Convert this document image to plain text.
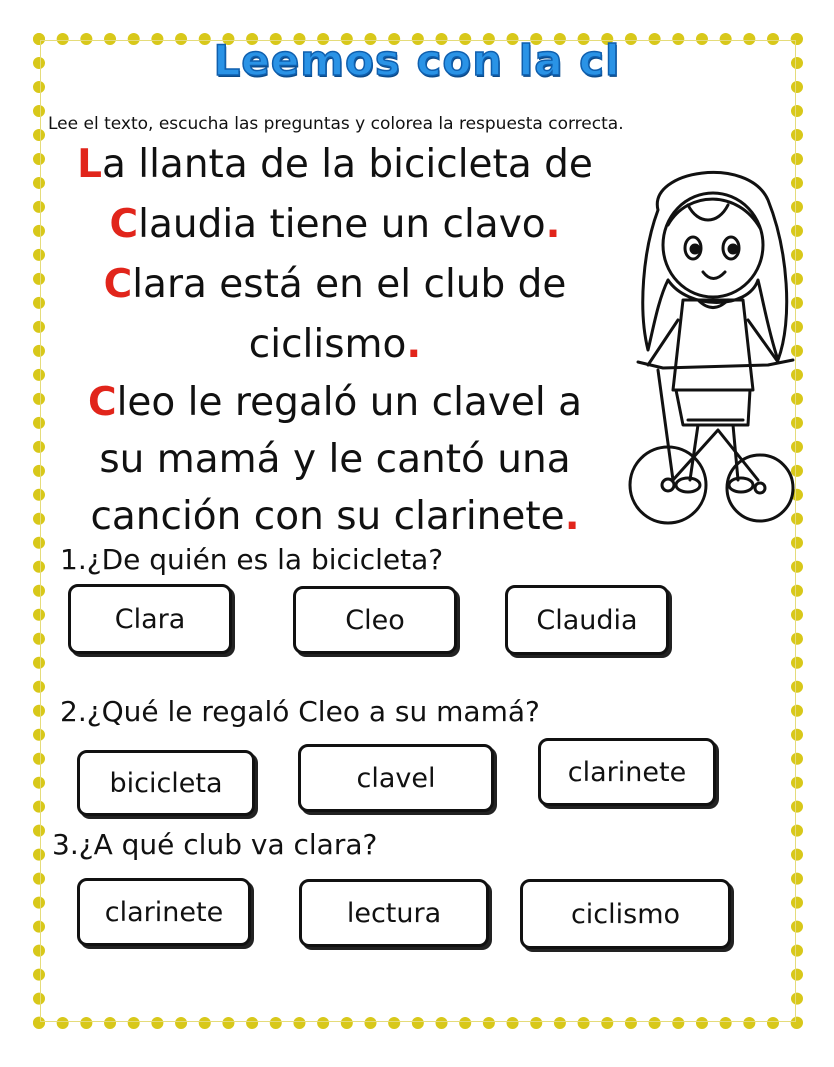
Leemos con la cl
Lee el texto, escucha las preguntas y colorea la respuesta correcta.
La llanta de la bicicleta de
Claudia tiene un clavo.
Clara está en el club de
ciclismo.
Cleo le regaló un clavel a
su mamá y le cantó una
canción con su clarinete.
1.¿De quién es la bicicleta?
Clara	Cleo	Claudia
2.¿Qué le regaló Cleo a su mamá?
bicicleta	clavel	clarinete
3.¿A qué club va clara?
clarinete	lectura	ciclismo
